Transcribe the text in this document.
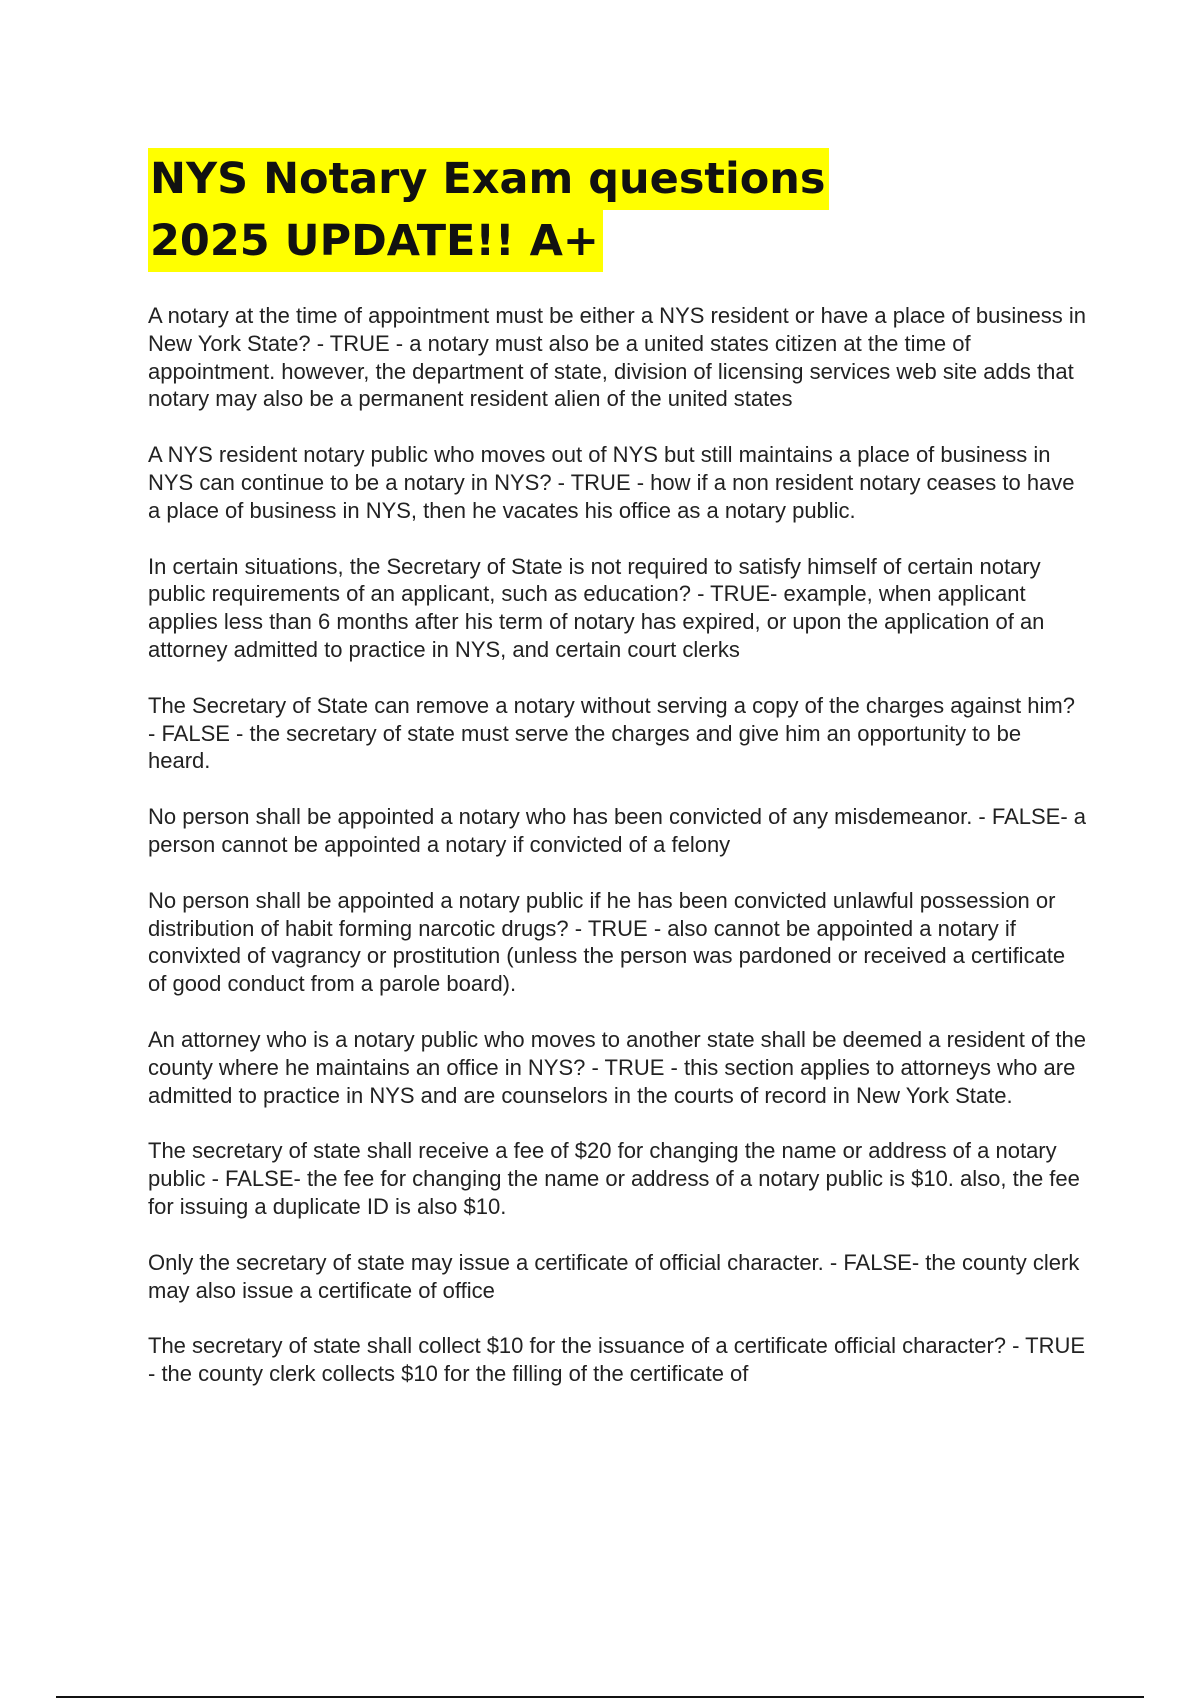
NYS Notary Exam questions
2025 UPDATE!! A+

A notary at the time of appointment must be either a NYS resident or have a place of business in New York State? - TRUE - a notary must also be a united states citizen at the time of appointment. however, the department of state, division of licensing services web site adds that notary may also be a permanent resident alien of the united states

A NYS resident notary public who moves out of NYS but still maintains a place of business in NYS can continue to be a notary in NYS? - TRUE - how if a non resident notary ceases to have a place of business in NYS, then he vacates his office as a notary public.

In certain situations, the Secretary of State is not required to satisfy himself of certain notary public requirements of an applicant, such as education? - TRUE- example, when applicant applies less than 6 months after his term of notary has expired, or upon the application of an attorney admitted to practice in NYS, and certain court clerks

The Secretary of State can remove a notary without serving a copy of the charges against him? - FALSE - the secretary of state must serve the charges and give him an opportunity to be heard.

No person shall be appointed a notary who has been convicted of any misdemeanor. - FALSE- a person cannot be appointed a notary if convicted of a felony

No person shall be appointed a notary public if he has been convicted unlawful possession or distribution of habit forming narcotic drugs? - TRUE - also cannot be appointed a notary if convixted of vagrancy or prostitution (unless the person was pardoned or received a certificate of good conduct from a parole board).

An attorney who is a notary public who moves to another state shall be deemed a resident of the county where he maintains an office in NYS? - TRUE - this section applies to attorneys who are admitted to practice in NYS and are counselors in the courts of record in New York State.

The secretary of state shall receive a fee of $20 for changing the name or address of a notary public - FALSE- the fee for changing the name or address of a notary public is $10. also, the fee for issuing a duplicate ID is also $10.

Only the secretary of state may issue a certificate of official character. - FALSE- the county clerk may also issue a certificate of office

The secretary of state shall collect $10 for the issuance of a certificate official character? - TRUE - the county clerk collects $10 for the filling of the certificate of
